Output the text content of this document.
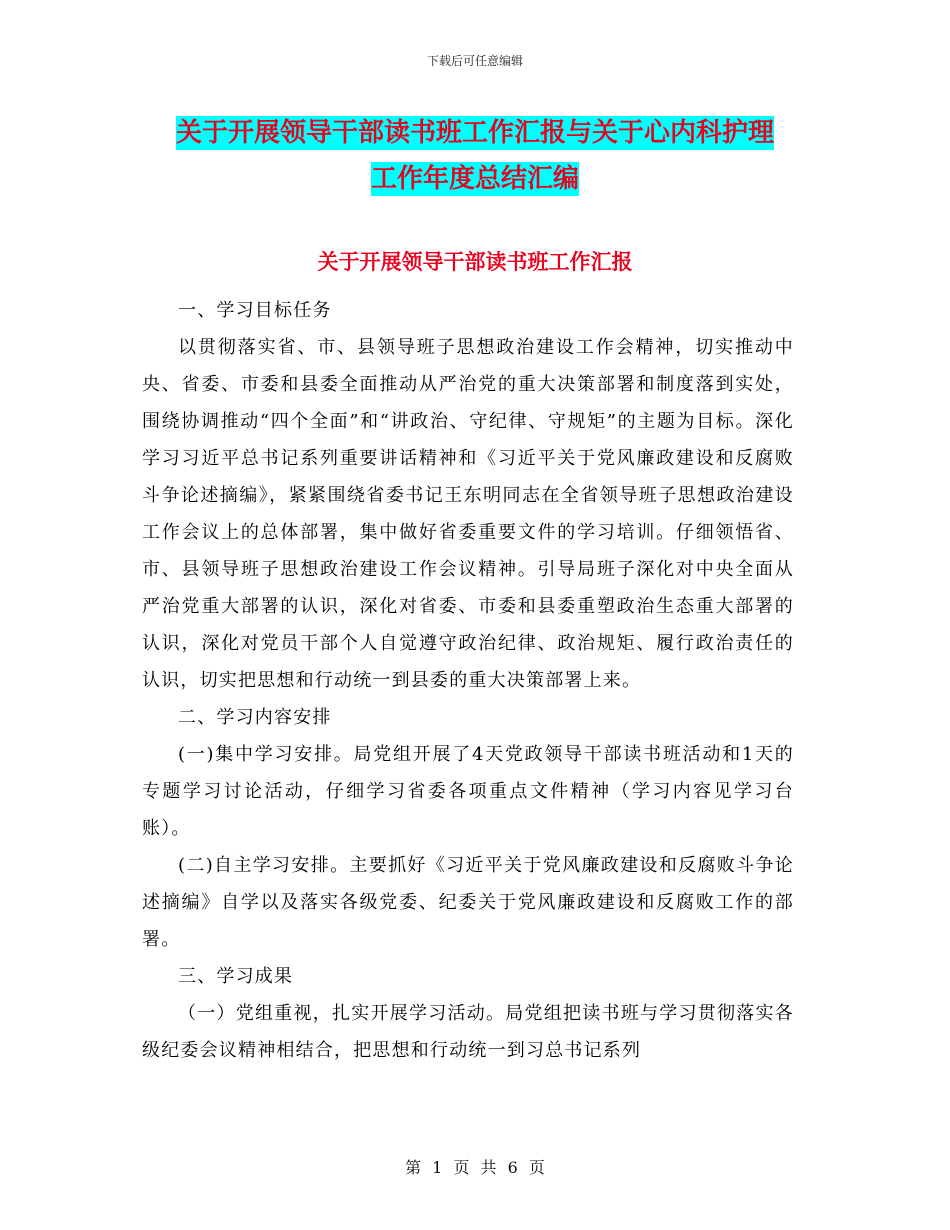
下载后可任意编辑
关于开展领导干部读书班工作汇报与关于心内科护理
工作年度总结汇编
关于开展领导干部读书班工作汇报

一、学习目标任务

以贯彻落实省、市、县领导班子思想政治建设工作会精神，切实推动中央、省委、市委和县委全面推动从严治党的重大决策部署和制度落到实处，围绕协调推动“四个全面”和“讲政治、守纪律、守规矩”的主题为目标。深化学习习近平总书记系列重要讲话精神和《习近平关于党风廉政建设和反腐败斗争论述摘编》，紧紧围绕省委书记王东明同志在全省领导班子思想政治建设工作会议上的总体部署，集中做好省委重要文件的学习培训。仔细领悟省、市、县领导班子思想政治建设工作会议精神。引导局班子深化对中央全面从严治党重大部署的认识，深化对省委、市委和县委重塑政治生态重大部署的认识，深化对党员干部个人自觉遵守政治纪律、政治规矩、履行政治责任的认识，切实把思想和行动统一到县委的重大决策部署上来。

二、学习内容安排

(一)集中学习安排。局党组开展了4天党政领导干部读书班活动和1天的专题学习讨论活动，仔细学习省委各项重点文件精神（学习内容见学习台账）。

(二)自主学习安排。主要抓好《习近平关于党风廉政建设和反腐败斗争论述摘编》自学以及落实各级党委、纪委关于党风廉政建设和反腐败工作的部署。

三、学习成果

（一）党组重视，扎实开展学习活动。局党组把读书班与学习贯彻落实各级纪委会议精神相结合，把思想和行动统一到习总书记系列

第 1 页 共 6 页
